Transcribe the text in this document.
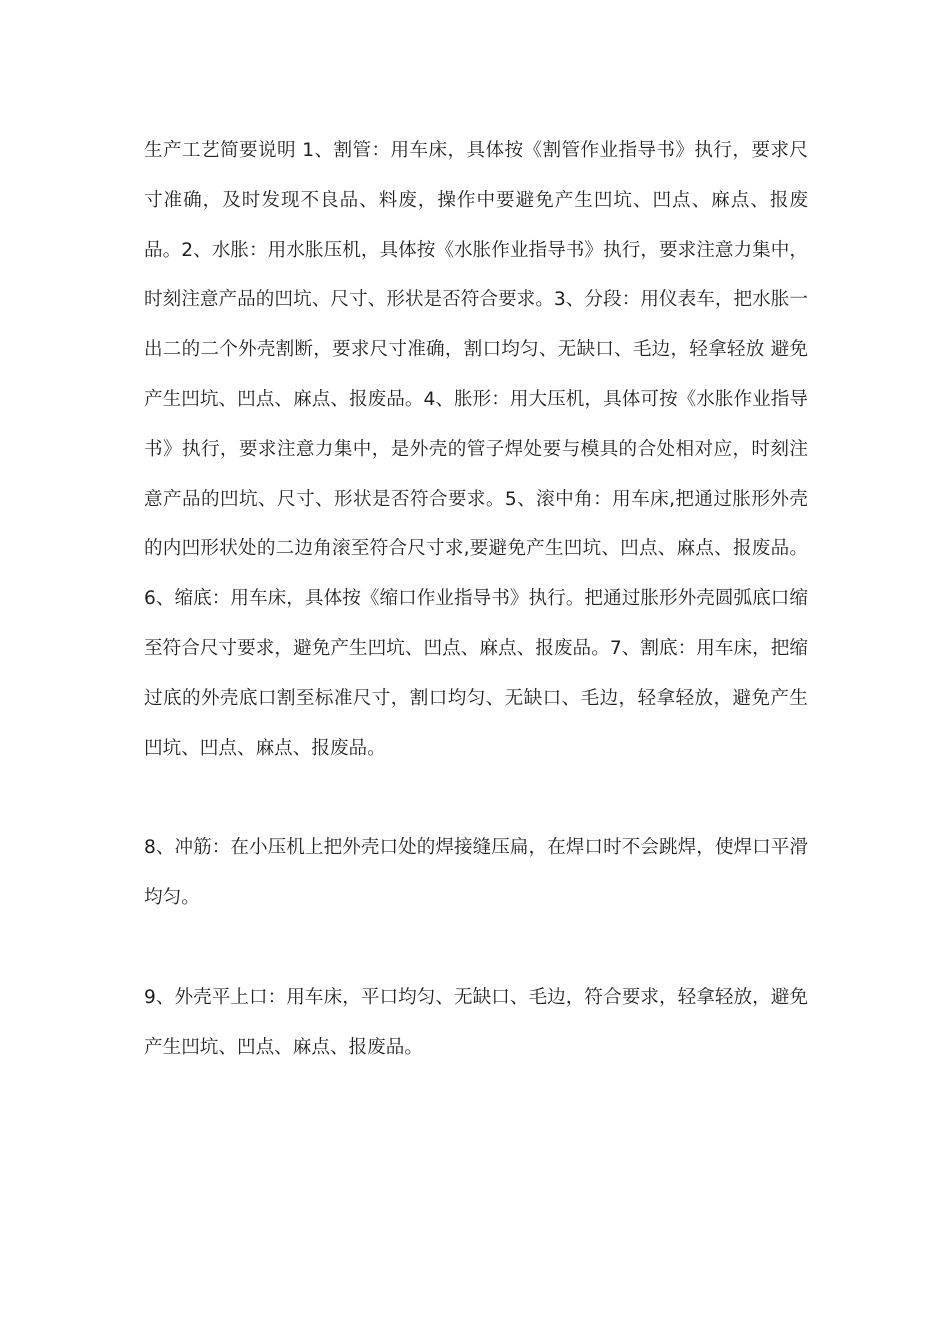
生产工艺简要说明 1、割管：用车床，具体按《割管作业指导书》执行，要求尺寸准确，及时发现不良品、料废，操作中要避免产生凹坑、凹点、麻点、报废品。2、水胀：用水胀压机，具体按《水胀作业指导书》执行，要求注意力集中，时刻注意产品的凹坑、尺寸、形状是否符合要求。3、分段：用仪表车，把水胀一出二的二个外壳割断，要求尺寸准确，割口均匀、无缺口、毛边，轻拿轻放 避免产生凹坑、凹点、麻点、报废品。4、胀形：用大压机，具体可按《水胀作业指导书》执行，要求注意力集中，是外壳的管子焊处要与模具的合处相对应，时刻注意产品的凹坑、尺寸、形状是否符合要求。5、滚中角：用车床,把通过胀形外壳的内凹形状处的二边角滚至符合尺寸求,要避免产生凹坑、凹点、麻点、报废品。6、缩底：用车床，具体按《缩口作业指导书》执行。把通过胀形外壳圆弧底口缩至符合尺寸要求，避免产生凹坑、凹点、麻点、报废品。7、割底：用车床，把缩过底的外壳底口割至标准尺寸，割口均匀、无缺口、毛边，轻拿轻放，避免产生凹坑、凹点、麻点、报废品。

8、冲筋：在小压机上把外壳口处的焊接缝压扁，在焊口时不会跳焊，使焊口平滑均匀。

9、外壳平上口：用车床，平口均匀、无缺口、毛边，符合要求，轻拿轻放，避免产生凹坑、凹点、麻点、报废品。
